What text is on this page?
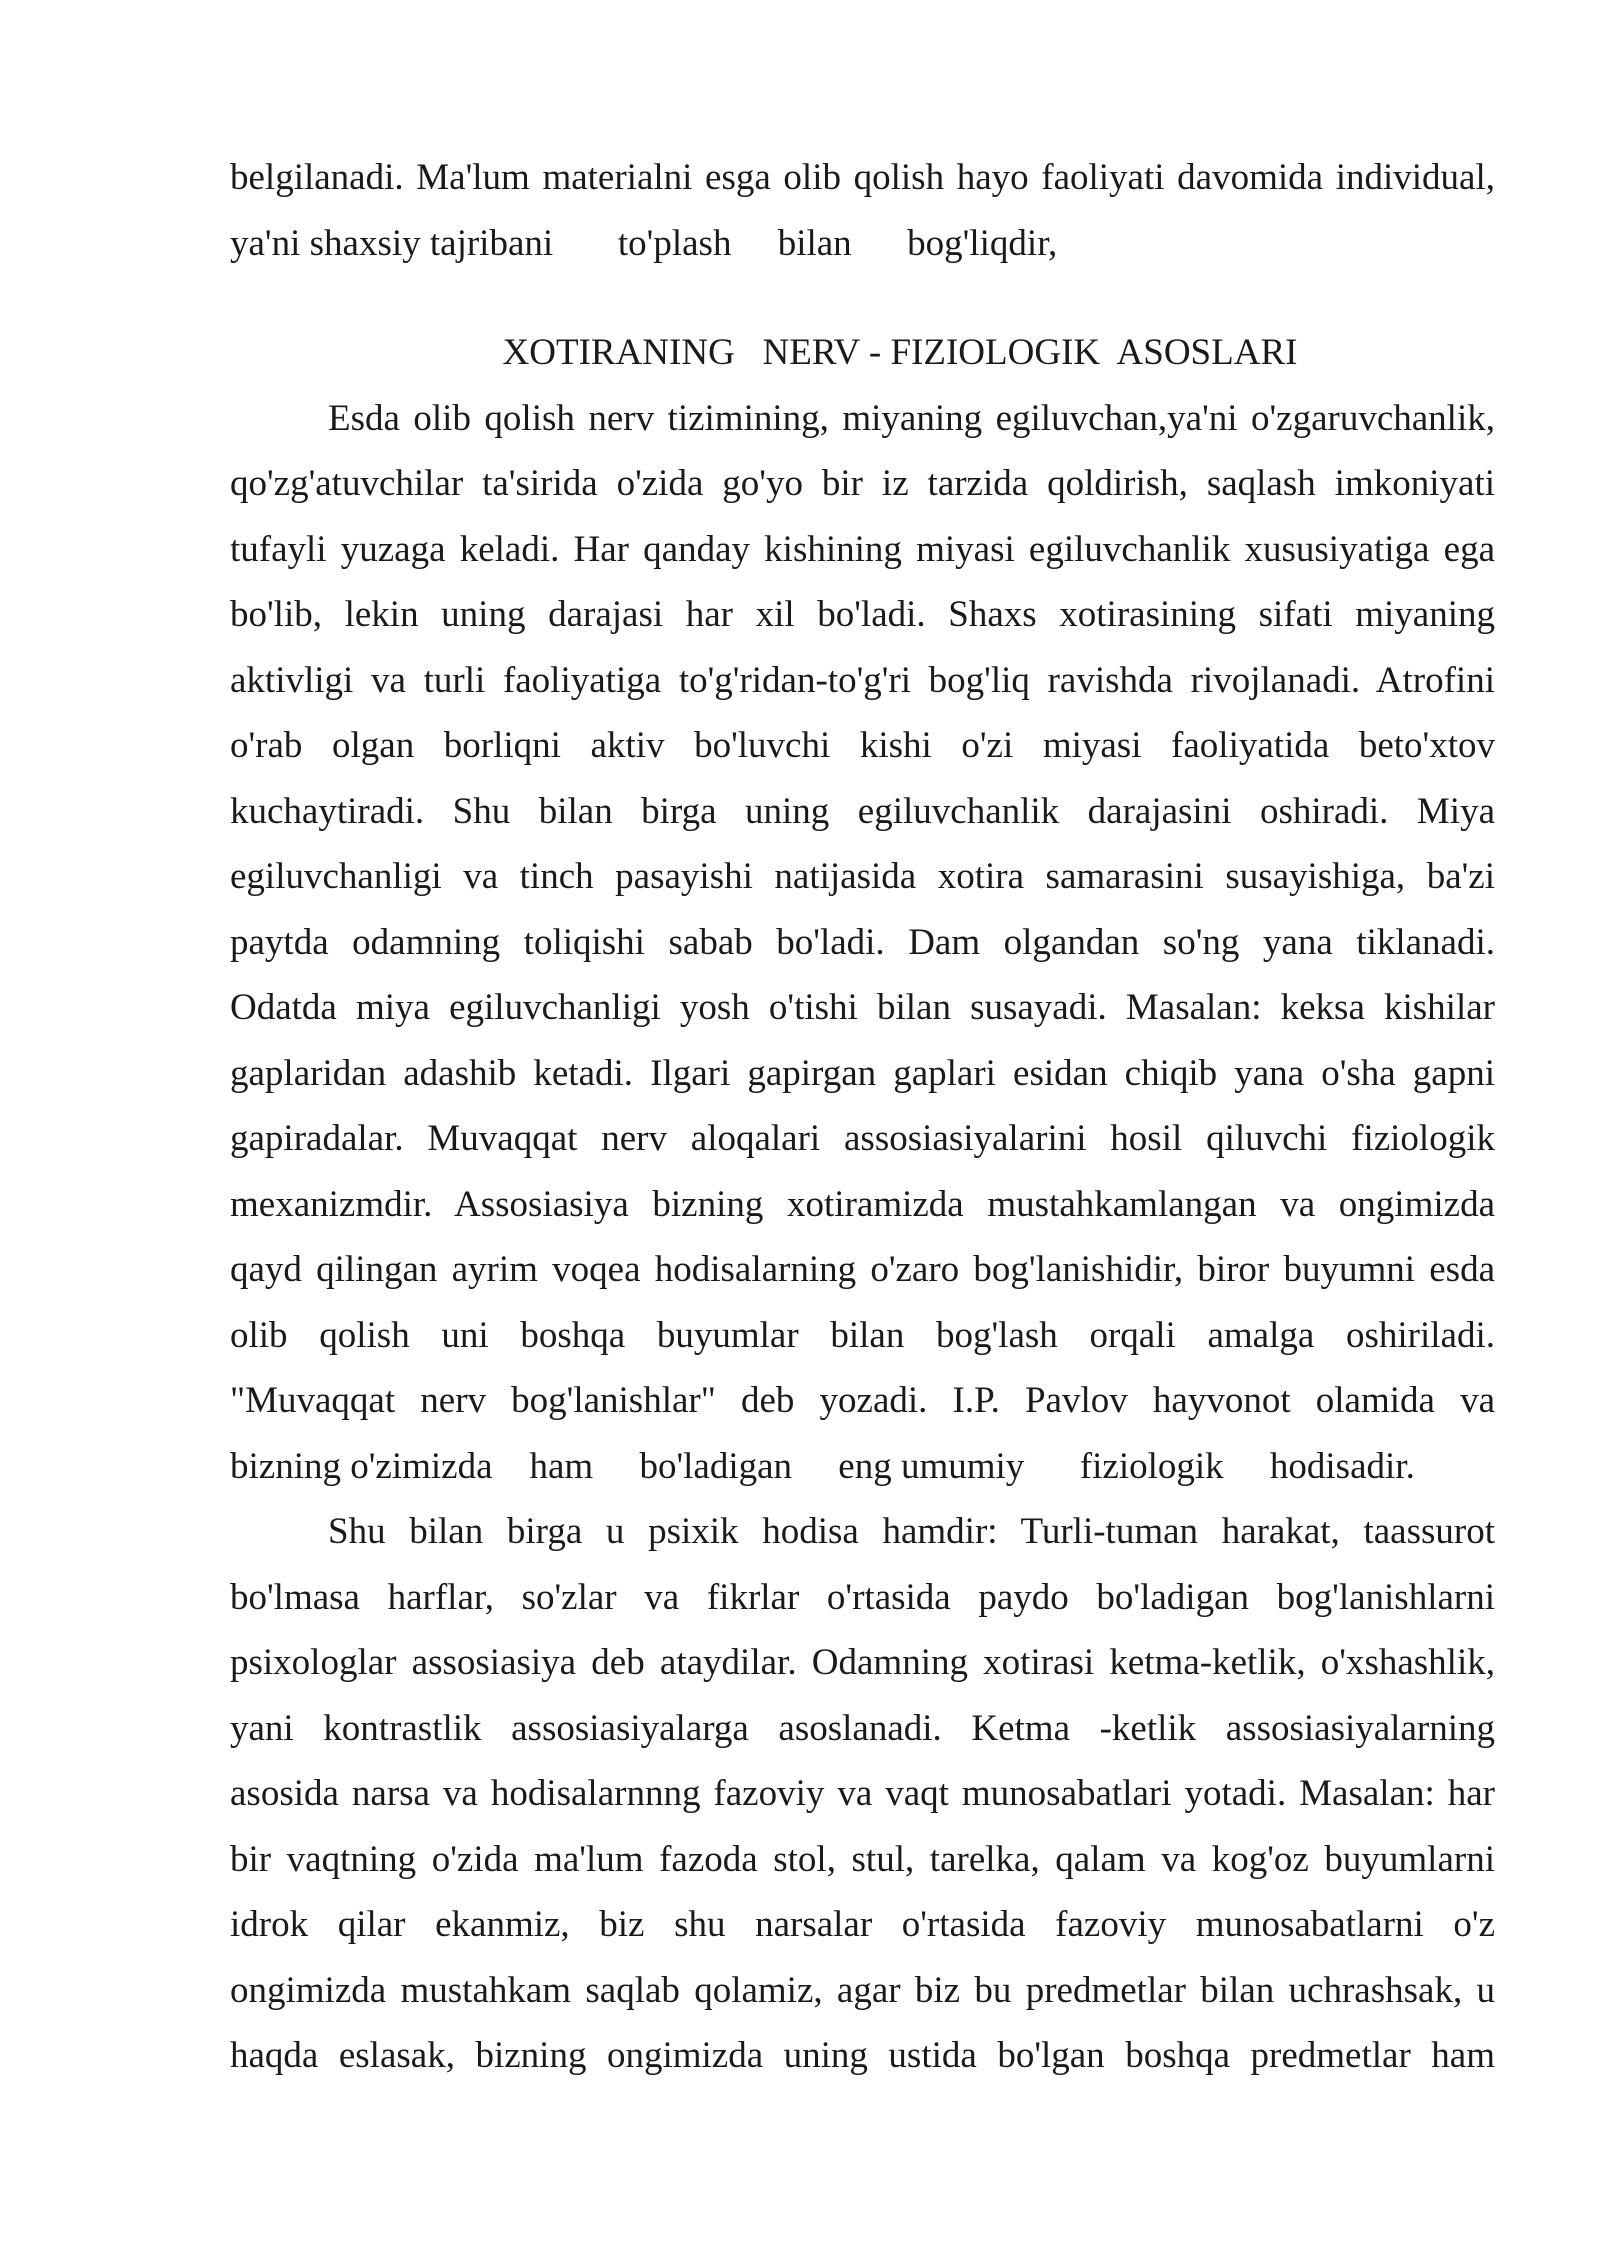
belgilanadi. Ma'lum materialni esga olib qolish hayo faoliyati davomida individual,
ya'ni shaxsiy tajribani       to'plash     bilan      bog'liqdir,
XOTIRANING   NERV - FIZIOLOGIK  ASOSLARI
Esda olib qolish nerv tizimining, miyaning egiluvchan,ya'ni o'zgaruvchanlik,
qo'zg'atuvchilar ta'sirida o'zida go'yo bir iz tarzida qoldirish, saqlash imkoniyati
tufayli yuzaga keladi. Har qanday kishining miyasi egiluvchanlik xususiyatiga ega
bo'lib, lekin uning darajasi har xil bo'ladi. Shaxs xotirasining sifati miyaning
aktivligi va turli faoliyatiga to'g'ridan-to'g'ri bog'liq ravishda rivojlanadi. Atrofini
o'rab olgan borliqni aktiv bo'luvchi kishi o'zi miyasi faoliyatida beto'xtov
kuchaytiradi. Shu bilan birga uning egiluvchanlik darajasini oshiradi. Miya
egiluvchanligi va tinch pasayishi natijasida xotira samarasini susayishiga, ba'zi
paytda odamning toliqishi sabab bo'ladi. Dam olgandan so'ng yana tiklanadi.
Odatda miya egiluvchanligi yosh o'tishi bilan susayadi. Masalan: keksa kishilar
gaplaridan adashib ketadi. Ilgari gapirgan gaplari esidan chiqib yana o'sha gapni
gapiradalar. Muvaqqat nerv aloqalari assosiasiyalarini hosil qiluvchi fiziologik
mexanizmdir. Assosiasiya bizning xotiramizda mustahkamlangan va ongimizda
qayd qilingan ayrim voqea hodisalarning o'zaro bog'lanishidir, biror buyumni esda
olib qolish uni boshqa buyumlar bilan bog'lash orqali amalga oshiriladi.
"Muvaqqat nerv bog'lanishlar" deb yozadi. I.P. Pavlov hayvonot olamida va
bizning o'zimizda    ham     bo'ladigan     eng umumiy      fiziologik     hodisadir.
Shu bilan birga u psixik hodisa hamdir: Turli-tuman harakat, taassurot
bo'lmasa harflar, so'zlar va fikrlar o'rtasida paydo bo'ladigan bog'lanishlarni
psixologlar assosiasiya deb ataydilar. Odamning xotirasi ketma-ketlik, o'xshashlik,
yani kontrastlik assosiasiyalarga asoslanadi. Ketma -ketlik assosiasiyalarning
asosida narsa va hodisalarnnng fazoviy va vaqt munosabatlari yotadi. Masalan: har
bir vaqtning o'zida ma'lum fazoda stol, stul, tarelka, qalam va kog'oz buyumlarni
idrok qilar ekanmiz, biz shu narsalar o'rtasida fazoviy munosabatlarni o'z
ongimizda mustahkam saqlab qolamiz, agar biz bu predmetlar bilan uchrashsak, u
haqda eslasak, bizning ongimizda uning ustida bo'lgan boshqa predmetlar ham
